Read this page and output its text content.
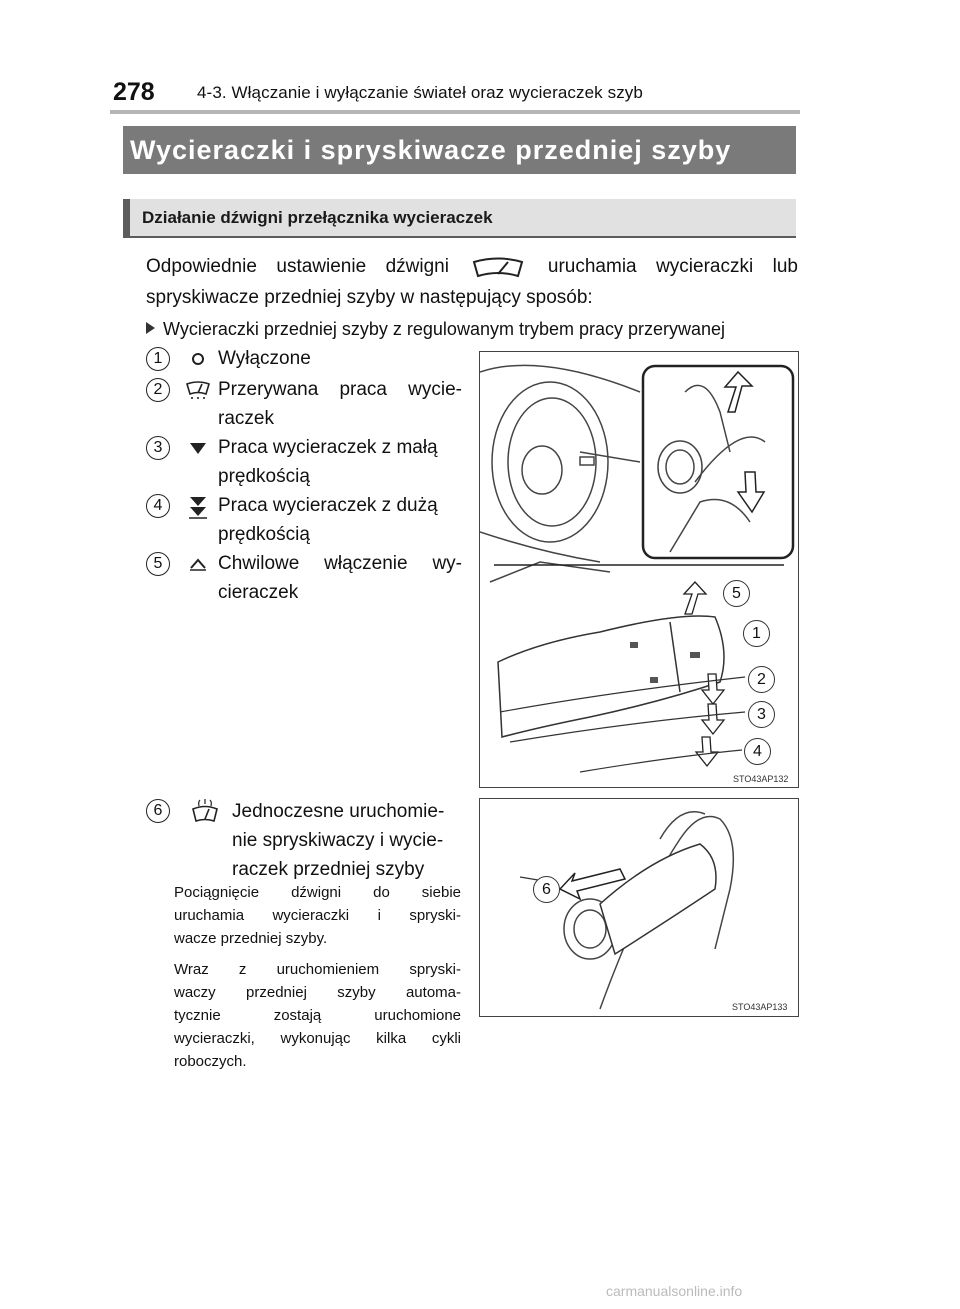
278 4-3. Włączanie i wyłączanie świateł oraz wycieraczek szyb
Wycieraczki i spryskiwacze przedniej szyby
Działanie dźwigni przełącznika wycieraczek
Odpowiednie ustawienie dźwigni	uruchamia wycieraczki lub
spryskiwacze przedniej szyby w następujący sposób:
Wycieraczki przedniej szyby z regulowanym trybem pracy przerywanej
1	Wyłączone
2	Przerywana praca wycie-
raczek
3	Praca wycieraczek z małą
prędkością
4	Praca wycieraczek z dużą
prędkością
5	Chwilowe włączenie wy-
cieraczek	5
1
2
3
4
STO43AP132
6	Jednoczesne uruchomie-
nie spryskiwaczy i wycie-
raczek przedniej szyby
Pociągnięcie dźwigni do siebie
uruchamia wycieraczki i spryski-
wacze przedniej szyby.
Wraz z uruchomieniem spryski-
waczy przedniej szyby automa-
tycznie zostają uruchomione
wycieraczki, wykonując kilka cykli
roboczych.
6
STO43AP133
carmanualsonline.info
